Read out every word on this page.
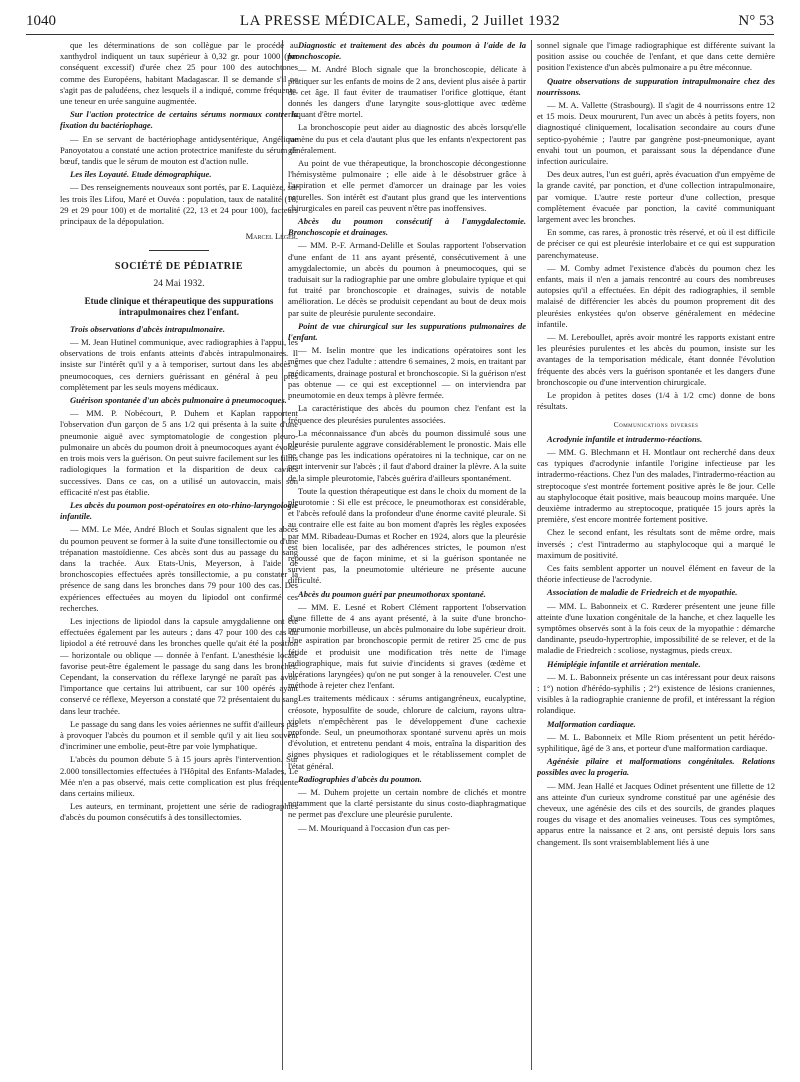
1040	LA PRESSE MÉDICALE, Samedi, 2 Juillet 1932	N° 53

que les déterminations de son collègue par le procédé au xanthydrol indiquent un taux supérieur à 0,32 gr. pour 1000 (par conséquent excessif) d'urée chez 25 pour 100 des autochtones comme des Européens, habitant Madagascar. Il se demande s'il ne s'agit pas de paludéens, chez lesquels il a indiqué, comme fréquente, une teneur en urée sanguine augmentée.

Sur l'action protectrice de certains sérums normaux contre la fixation du bactériophage.

— En se servant de bactériophage antidysentérique, Angélique Panoyotatou a constaté une action protectrice manifeste du sérum de bœuf, tandis que le sérum de mouton est d'action nulle.

Les îles Loyauté. Etude démographique.

— Des renseignements nouveaux sont portés, par E. Laquièze, sur les trois îles Lifou, Maré et Ouvéa : population, taux de natalité (18, 29 et 29 pour 100) et de mortalité (22, 13 et 24 pour 100), facteurs principaux de la dépopulation.

Marcel Léger.

SOCIÉTÉ DE PÉDIATRIE
24 Mai 1932.
Etude clinique et thérapeutique des suppurations intrapulmonaires chez l'enfant.

Trois observations d'abcès intrapulmonaire.

— M. Jean Hutinel communique, avec radiographies à l'appui, les observations de trois enfants atteints d'abcès intrapulmonaires. Il insiste sur l'intérêt qu'il y a à temporiser, surtout dans les abcès à pneumocoques, ces derniers guérissant en général à peu près complètement par les seuls moyens médicaux.

Guérison spontanée d'un abcès pulmonaire à pneumocoques.

— MM. P. Nobécourt, P. Duhem et Kaplan rapportent l'observation d'un garçon de 5 ans 1/2 qui présenta à la suite d'une pneumonie aiguë avec symptomatologie de congestion pleuro-pulmonaire un abcès du poumon droit à pneumocoques ayant évolué en trois mois vers la guérison. On peut suivre facilement sur les films radiologiques la formation et la disparition de deux cavités successives. Dans ce cas, on a utilisé un autovaccin, mais son efficacité n'est pas établie.

Les abcès du poumon post-opératoires en oto-rhino-laryngologie infantile.

— MM. Le Mée, André Bloch et Soulas signalent que les abcès du poumon peuvent se former à la suite d'une tonsillectomie ou d'une trépanation mastoïdienne. Ces abcès sont dus au passage du sang dans la trachée. Aux Etats-Unis, Meyerson, à l'aide de bronchoscopies effectuées après tonsillectomie, a pu constater la présence de sang dans les bronches dans 79 pour 100 des cas. Des expériences effectuées au moyen du lipiodol ont confirmé ces recherches.

Les injections de lipiodol dans la capsule amygdalienne ont été effectuées également par les auteurs ; dans 47 pour 100 des cas du lipiodol a été retrouvé dans les bronches quelle qu'ait été la position — horizontale ou oblique — donnée à l'enfant. L'anesthésie locale favorise peut-être également le passage du sang dans les bronches. Cependant, la conservation du réflexe laryngé ne paraît pas avoir l'importance que certains lui attribuent, car sur 100 opérés ayant conservé ce réflexe, Meyerson a constaté que 72 présentaient du sang dans leur trachée.

Le passage du sang dans les voies aériennes ne suffit d'ailleurs pas à provoquer l'abcès du poumon et il semble qu'il y ait lieu souvent d'incriminer une embolie, peut-être par voie lymphatique.

L'abcès du poumon débute 5 à 15 jours après l'intervention. Sur 2.000 tonsillectomies effectuées à l'Hôpital des Enfants-Malades, Le Mée n'en a pas observé, mais cette complication est plus fréquente dans certains milieux.

Les auteurs, en terminant, projettent une série de radiographies d'abcès du poumon consécutifs à des tonsillectomies.

Diagnostic et traitement des abcès du poumon à l'aide de la bronchoscopie.

— M. André Bloch signale que la bronchoscopie, délicate à pratiquer sur les enfants de moins de 2 ans, devient plus aisée à partir de cet âge. Il faut éviter de traumatiser l'orifice glottique, étant donnés les dangers d'une laryngite sous-glottique avec œdème risquant d'être mortel.

La bronchoscopie peut aider au diagnostic des abcès lorsqu'elle ramène du pus et cela d'autant plus que les enfants n'expectorent pas généralement.

Au point de vue thérapeutique, la bronchoscopie décongestionne l'hémisystème pulmonaire ; elle aide à le désobstruer grâce à l'aspiration et elle permet d'amorcer un drainage par les voies naturelles. Son intérêt est d'autant plus grand que les interventions chirurgicales en pareil cas peuvent n'être pas inoffensives.

Abcès du poumon consécutif à l'amygdalectomie. Bronchoscopie et drainages.

— MM. P.-F. Armand-Delille et Soulas rapportent l'observation d'une enfant de 11 ans ayant présenté, consécutivement à une amygdalectomie, un abcès du poumon à pneumocoques, qui se traduisait sur la radiographie par une ombre globulaire typique et qui fut traité par bronchoscopie et drainages, suivis de notable amélioration. Le décès se produisit cependant au bout de deux mois par suite de pleurésie purulente secondaire.

Point de vue chirurgical sur les suppurations pulmonaires de l'enfant.

— M. Iselin montre que les indications opératoires sont les mêmes que chez l'adulte : attendre 6 semaines, 2 mois, en traitant par médicaments, drainage postural et bronchoscopie. Si la guérison n'est pas obtenue — ce qui est exceptionnel — on interviendra par pneumotomie en deux temps à plèvre fermée.

La caractéristique des abcès du poumon chez l'enfant est la fréquence des pleurésies purulentes associées.

La méconnaissance d'un abcès du poumon dissimulé sous une pleurésie purulente aggrave considérablement le pronostic. Mais elle ne change pas les indications opératoires ni la technique, car on ne peut intervenir sur l'abcès ; il faut d'abord drainer la plèvre. A la suite de la simple pleurotomie, l'abcès guérira d'ailleurs spontanément.

Toute la question thérapeutique est dans le choix du moment de la pleurotomie : Si elle est précoce, le pneumothorax est considérable, et l'abcès refoulé dans la profondeur d'une énorme cavité pleurale. Si au contraire elle est faite au bon moment d'après les règles exposées par MM. Ribadeau-Dumas et Rocher en 1924, alors que la pleurésie est bien localisée, par des adhérences strictes, le poumon n'est repoussé que de façon minime, et si la guérison spontanée ne survient pas, la pneumotomie ultérieure ne présente aucune difficulté.

Abcès du poumon guéri par pneumothorax spontané.

— MM. E. Lesné et Robert Clément rapportent l'observation d'une fillette de 4 ans ayant présenté, à la suite d'une broncho-pneumonie morbilleuse, un abcès pulmonaire du lobe supérieur droit. Une aspiration par bronchoscopie permit de retirer 25 cmc de pus fétide et produisit une modification très nette de l'image radiographique, mais fut suivie d'incidents si graves (œdème et ulcérations laryngées) qu'on ne put songer à la renouveler. C'est une méthode à rejeter chez l'enfant.

Les traitements médicaux : sérums antigangréneux, eucalyptine, créosote, hyposulfite de soude, chlorure de calcium, rayons ultra-violets n'empêchèrent pas le développement d'une cachexie profonde. Seul, un pneumothorax spontané survenu après un mois d'évolution, et entretenu pendant 4 mois, entraîna la disparition des signes physiques et radiologiques et le rétablissement complet de l'état général.

Radiographies d'abcès du poumon.

— M. Duhem projette un certain nombre de clichés et montre notamment que la clarté persistante du sinus costo-diaphragmatique ne permet pas d'exclure une pleurésie purulente.

— M. Mouriquand à l'occasion d'un cas per-

sonnel signale que l'image radiographique est différente suivant la position assise ou couchée de l'enfant, et que dans cette dernière position l'existence d'un abcès pulmonaire a pu être méconnue.

Quatre observations de suppuration intrapulmonaire chez des nourrissons.

— M. A. Vallette (Strasbourg). Il s'agit de 4 nourrissons entre 12 et 15 mois. Deux moururent, l'un avec un abcès à petits foyers, non diagnostiqué cliniquement, localisation secondaire au cours d'une septico-pyohémie ; l'autre par gangrène post-pneumonique, ayant envahi tout un poumon, et paraissant sous la dépendance d'une infection auriculaire.

Des deux autres, l'un est guéri, après évacuation d'un empyème de la grande cavité, par ponction, et d'une collection intrapulmonaire, par vomique. L'autre reste porteur d'une collection, presque complètement évacuée par ponction, la cavité communiquant largement avec les bronches.

En somme, cas rares, à pronostic très réservé, et où il est difficile de préciser ce qui est pleurésie interlobaire et ce qui est suppuration parenchymateuse.

— M. Comby admet l'existence d'abcès du poumon chez les enfants, mais il n'en a jamais rencontré au cours des nombreuses autopsies qu'il a effectuées. En dépit des radiographies, il semble malaisé de différencier les abcès du poumon proprement dit des pleurésies enkystées qu'on observe généralement en médecine infantile.

— M. Lereboullet, après avoir montré les rapports existant entre les pleurésies purulentes et les abcès du poumon, insiste sur les avantages de la temporisation médicale, étant donnée l'évolution fréquente des abcès vers la guérison spontanée et les dangers d'une bronchoscopie ou d'une intervention chirurgicale.

Le propidon à petites doses (1/4 à 1/2 cmc) donne de bons résultats.

Communications diverses

Acrodynie infantile et intradermo-réactions.

— MM. G. Blechmann et H. Montlaur ont recherché dans deux cas typiques d'acrodynie infantile l'origine infectieuse par les intradermo-réactions. Chez l'un des malades, l'intradermo-réaction au streptocoque s'est montrée fortement positive après le 8e jour. Celle au staphylocoque était positive, mais beaucoup moins marquée. Une deuxième intradermo au streptocoque, pratiquée 15 jours après la première, s'est encore montrée fortement positive.

Chez le second enfant, les résultats sont de même ordre, mais inversés ; c'est l'intradermo au staphylocoque qui a marqué le maximum de positivité.

Ces faits semblent apporter un nouvel élément en faveur de la théorie infectieuse de l'acrodynie.

Association de maladie de Friedreich et de myopathie.

— MM. L. Babonneix et C. Rœderer présentent une jeune fille atteinte d'une luxation congénitale de la hanche, et chez laquelle les symptômes observés sont à la fois ceux de la myopathie : démarche dandinante, pseudo-hypertrophie, impossibilité de se relever, et de la maladie de Friedreich : scoliose, nystagmus, pieds creux.

Hémiplégie infantile et arriération mentale.

— M. L. Babonneix présente un cas intéressant pour deux raisons : 1°) notion d'hérédo-syphilis ; 2°) existence de lésions craniennes, visibles à la radiographie cranienne de profil, et intéressant la région rolandique.

Malformation cardiaque.

— M. L. Babonneix et Mlle Riom présentent un petit hérédo-syphilitique, âgé de 3 ans, et porteur d'une malformation cardiaque.

Agénésie pilaire et malformations congénitales. Relations possibles avec la progeria.

— MM. Jean Hallé et Jacques Odinet présentent une fillette de 12 ans atteinte d'un curieux syndrome constitué par une agénésie des cheveux, une agénésie des cils et des sourcils, de grandes plaques rouges du visage et des anomalies veineuses. Tous ces symptômes, apparus entre la naissance et 2 ans, ont persisté depuis lors sans changement. Ils sont vraisemblablement liés à une
